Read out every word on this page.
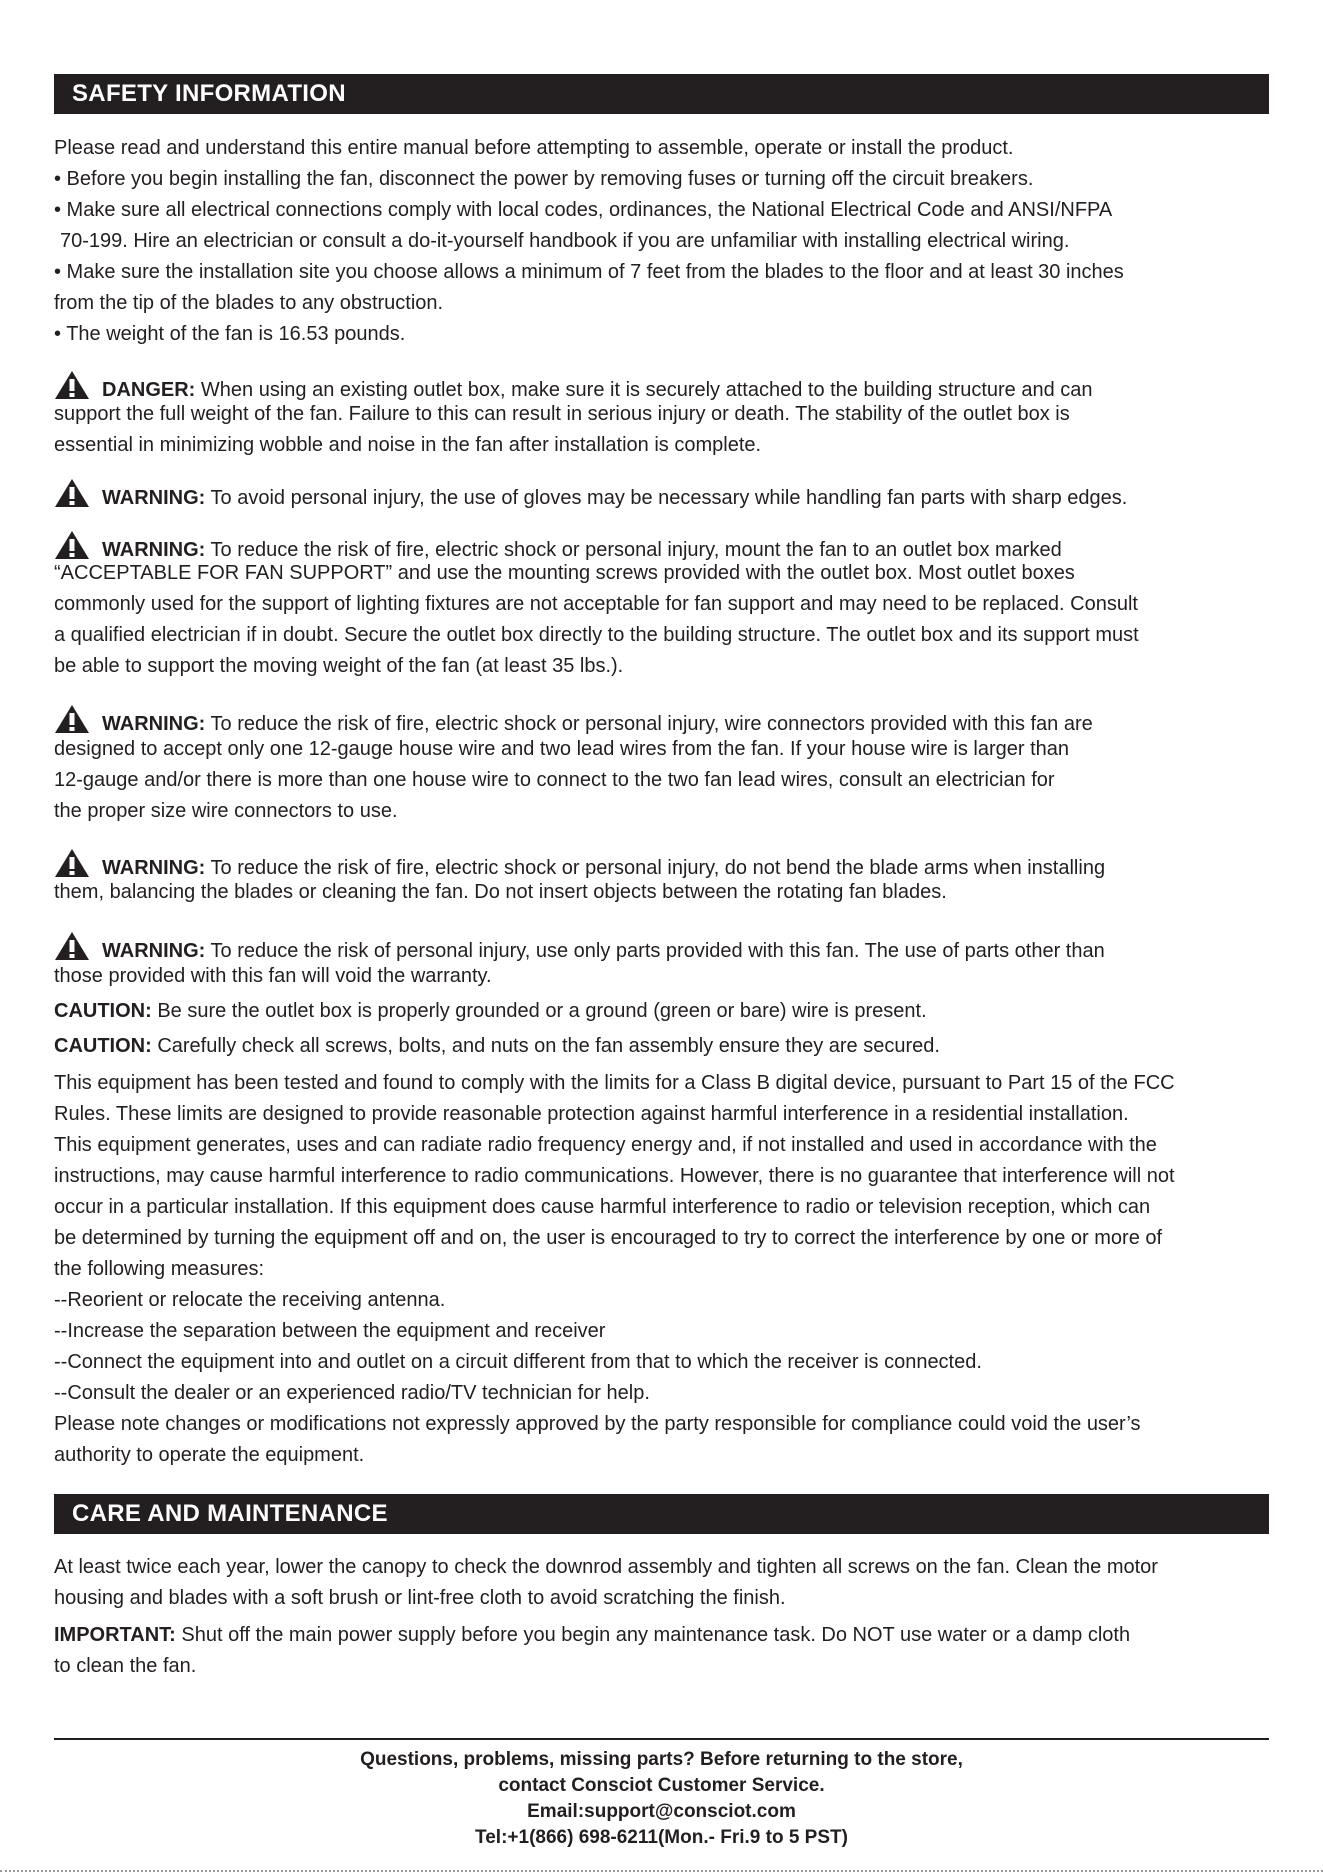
SAFETY INFORMATION
Please read and understand this entire manual before attempting to assemble, operate or install the product.
• Before you begin installing the fan, disconnect the power by removing fuses or turning off the circuit breakers.
• Make sure all electrical connections comply with local codes, ordinances, the National Electrical Code and ANSI/NFPA
70-199. Hire an electrician or consult a do-it-yourself handbook if you are unfamiliar with installing electrical wiring.
• Make sure the installation site you choose allows a minimum of 7 feet from the blades to the floor and at least 30 inches
from the tip of the blades to any obstruction.
• The weight of the fan is 16.53 pounds.
DANGER: When using an existing outlet box, make sure it is securely attached to the building structure and can
support the full weight of the fan. Failure to this can result in serious injury or death. The stability of the outlet box is
essential in minimizing wobble and noise in the fan after installation is complete.
WARNING: To avoid personal injury, the use of gloves may be necessary while handling fan parts with sharp edges.
WARNING: To reduce the risk of fire, electric shock or personal injury, mount the fan to an outlet box marked
“ACCEPTABLE FOR FAN SUPPORT” and use the mounting screws provided with the outlet box. Most outlet boxes
commonly used for the support of lighting fixtures are not acceptable for fan support and may need to be replaced. Consult
a qualified electrician if in doubt. Secure the outlet box directly to the building structure. The outlet box and its support must
be able to support the moving weight of the fan (at least 35 lbs.).
WARNING: To reduce the risk of fire, electric shock or personal injury, wire connectors provided with this fan are
designed to accept only one 12-gauge house wire and two lead wires from the fan. If your house wire is larger than
12-gauge and/or there is more than one house wire to connect to the two fan lead wires, consult an electrician for
the proper size wire connectors to use.
WARNING: To reduce the risk of fire, electric shock or personal injury, do not bend the blade arms when installing
them, balancing the blades or cleaning the fan. Do not insert objects between the rotating fan blades.
WARNING: To reduce the risk of personal injury, use only parts provided with this fan. The use of parts other than
those provided with this fan will void the warranty.
CAUTION: Be sure the outlet box is properly grounded or a ground (green or bare) wire is present.
CAUTION: Carefully check all screws, bolts, and nuts on the fan assembly ensure they are secured.
This equipment has been tested and found to comply with the limits for a Class B digital device, pursuant to Part 15 of the FCC
Rules. These limits are designed to provide reasonable protection against harmful interference in a residential installation.
This equipment generates, uses and can radiate radio frequency energy and, if not installed and used in accordance with the
instructions, may cause harmful interference to radio communications. However, there is no guarantee that interference will not
occur in a particular installation. If this equipment does cause harmful interference to radio or television reception, which can
be determined by turning the equipment off and on, the user is encouraged to try to correct the interference by one or more of
the following measures:
--Reorient or relocate the receiving antenna.
--Increase the separation between the equipment and receiver
--Connect the equipment into and outlet on a circuit different from that to which the receiver is connected.
--Consult the dealer or an experienced radio/TV technician for help.
Please note changes or modifications not expressly approved by the party responsible for compliance could void the user’s
authority to operate the equipment.
CARE AND MAINTENANCE
At least twice each year, lower the canopy to check the downrod assembly and tighten all screws on the fan. Clean the motor
housing and blades with a soft brush or lint-free cloth to avoid scratching the finish.
IMPORTANT: Shut off the main power supply before you begin any maintenance task. Do NOT use water or a damp cloth
to clean the fan.
Questions, problems, missing parts? Before returning to the store,
contact Consciot Customer Service.
Email:support@consciot.com
Tel:+1(866) 698-6211(Mon.- Fri.9 to 5 PST)
